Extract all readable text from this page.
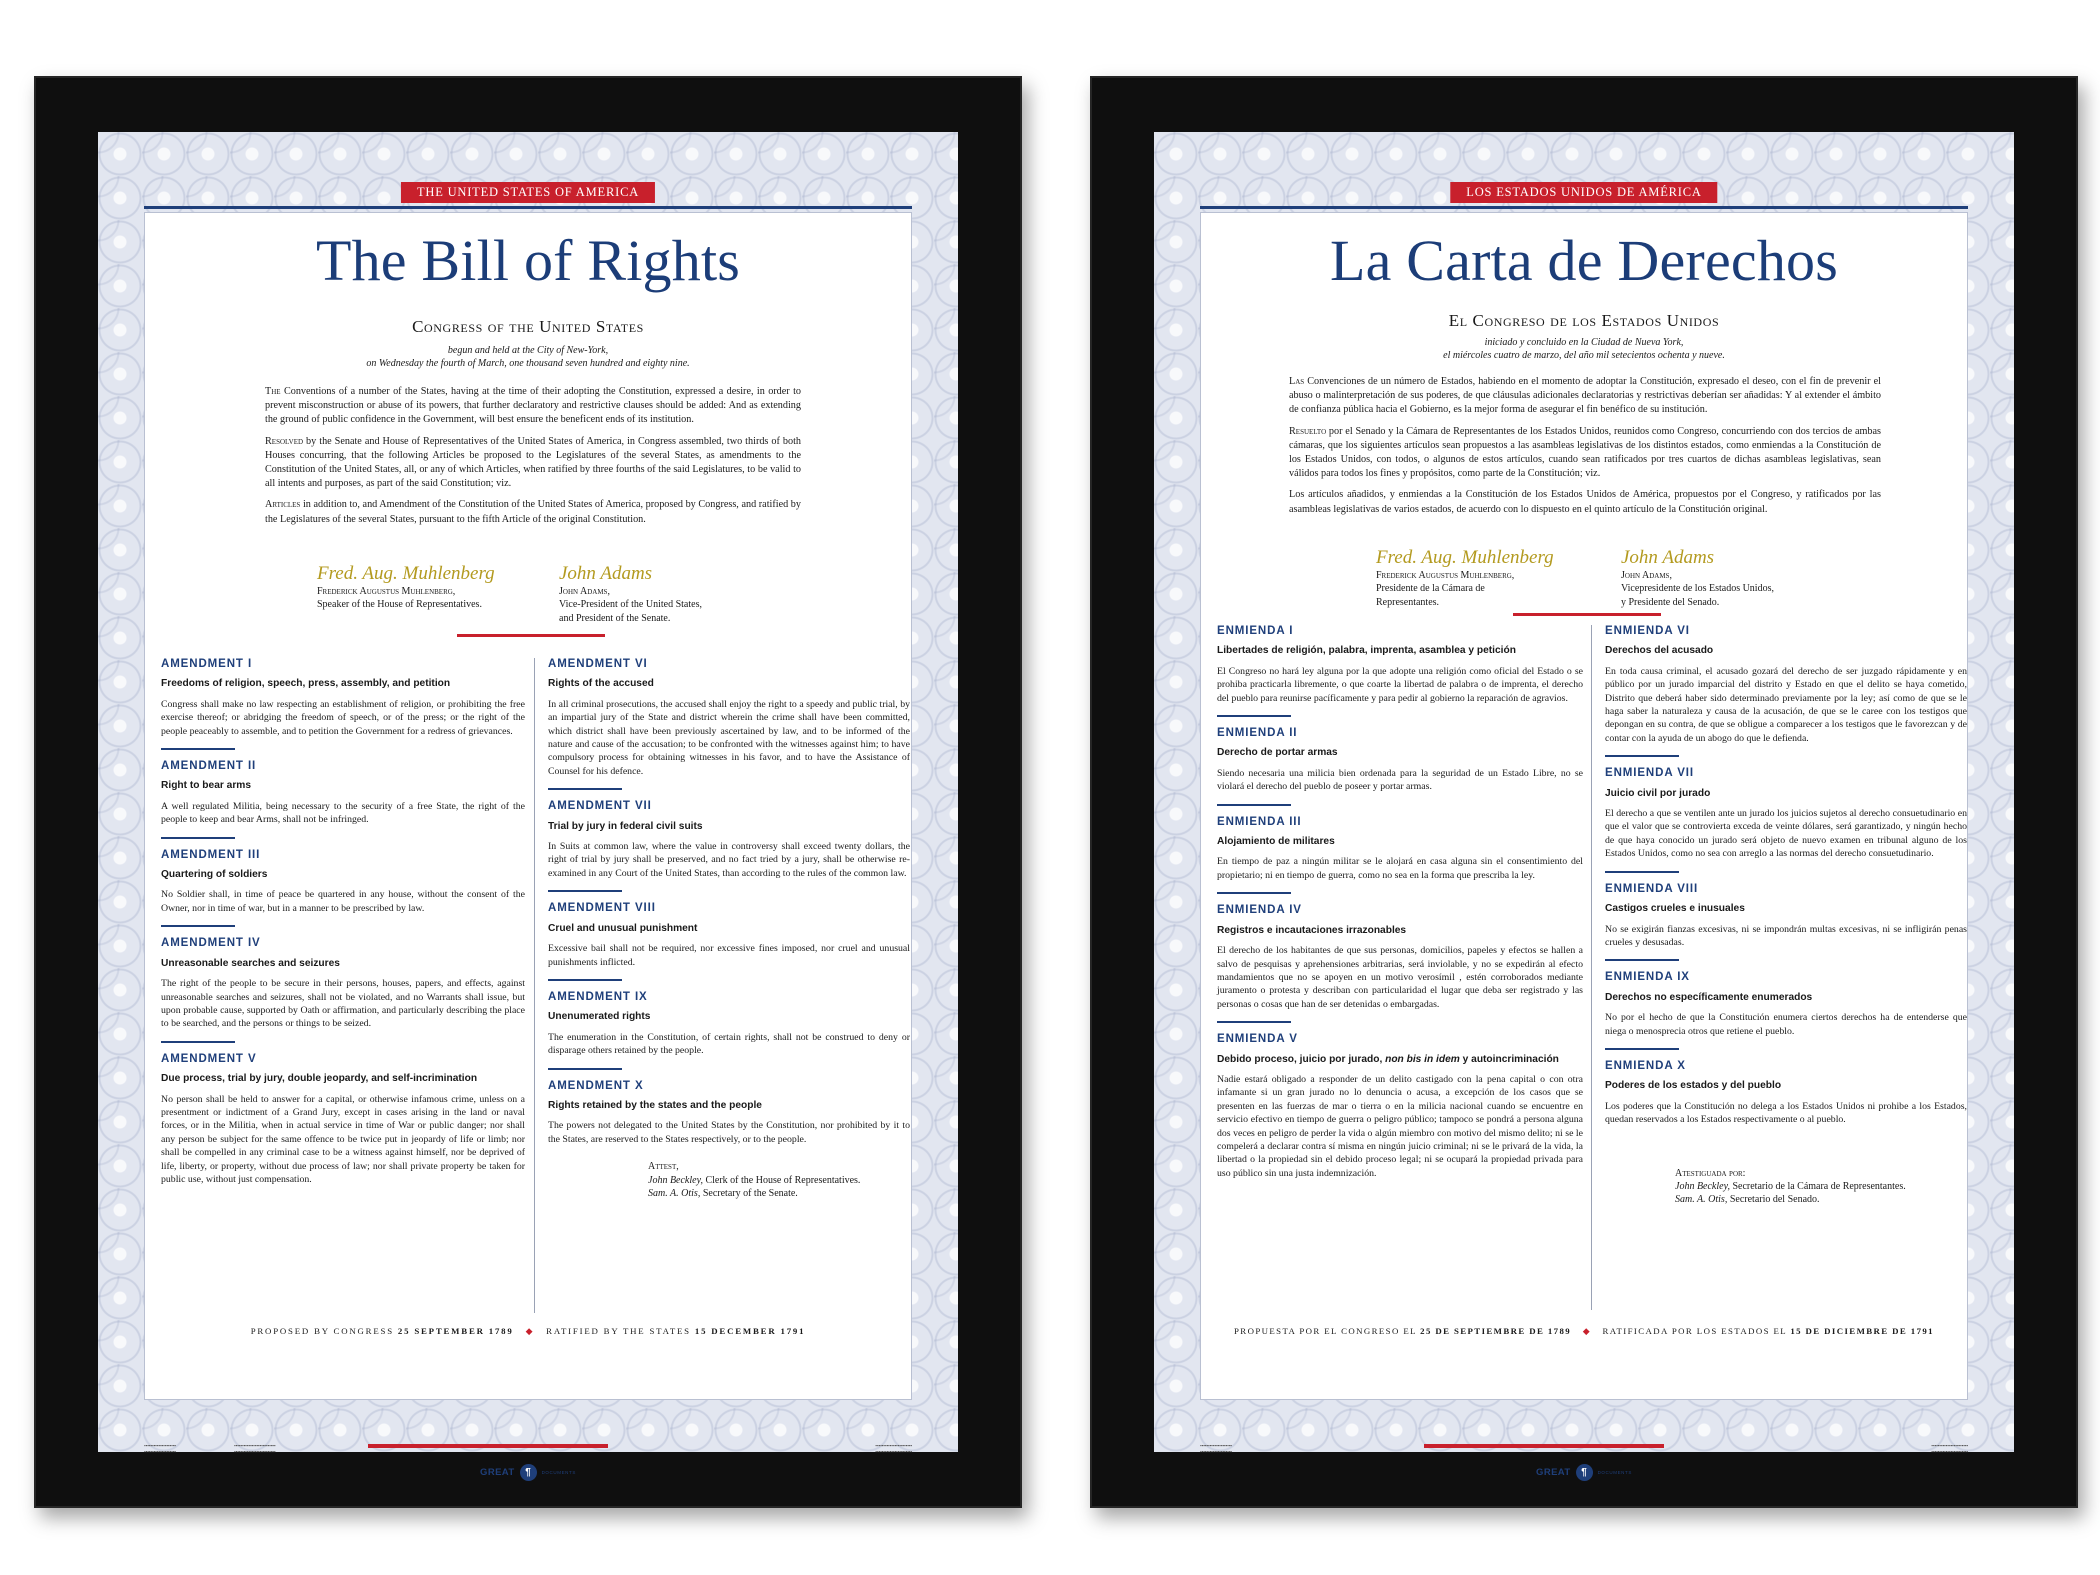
THE UNITED STATES OF AMERICA
The Bill of Rights
Congress of the United States
begun and held at the City of New-York,
on Wednesday the fourth of March, one thousand seven hundred and eighty nine.

The Conventions of a number of the States, having at the time of their adopting the Constitution, expressed a desire, in order to prevent misconstruction or abuse of its powers, that further declaratory and restrictive clauses should be added: And as extending the ground of public confidence in the Government, will best ensure the beneficent ends of its institution.

Resolved by the Senate and House of Representatives of the United States of America, in Congress assembled, two thirds of both Houses concurring, that the following Articles be proposed to the Legislatures of the several States, as amendments to the Constitution of the United States, all, or any of which Articles, when ratified by three fourths of the said Legislatures, to be valid to all intents and purposes, as part of the said Constitution; viz.

Articles in addition to, and Amendment of the Constitution of the United States of America, proposed by Congress, and ratified by the Legislatures of the several States, pursuant to the fifth Article of the original Constitution.

Fred. Aug. Muhlenberg
Frederick Augustus Muhlenberg,
Speaker of the House of Representatives.
John Adams
John Adams,
Vice-President of the United States,
and President of the Senate.
AMENDMENT I
Freedoms of religion, speech, press, assembly, and petition
Congress shall make no law respecting an establishment of religion, or prohibiting the free exercise thereof; or abridging the freedom of speech, or of the press; or the right of the people peaceably to assemble, and to petition the Government for a redress of grievances.
AMENDMENT II
Right to bear arms
A well regulated Militia, being necessary to the security of a free State, the right of the people to keep and bear Arms, shall not be infringed.
AMENDMENT III
Quartering of soldiers
No Soldier shall, in time of peace be quartered in any house, without the consent of the Owner, nor in time of war, but in a manner to be prescribed by law.
AMENDMENT IV
Unreasonable searches and seizures
The right of the people to be secure in their persons, houses, papers, and effects, against unreasonable searches and seizures, shall not be violated, and no Warrants shall issue, but upon probable cause, supported by Oath or affirmation, and particularly describing the place to be searched, and the persons or things to be seized.
AMENDMENT V
Due process, trial by jury, double jeopardy, and self-incrimination
No person shall be held to answer for a capital, or otherwise infamous crime, unless on a presentment or indictment of a Grand Jury, except in cases arising in the land or naval forces, or in the Militia, when in actual service in time of War or public danger; nor shall any person be subject for the same offence to be twice put in jeopardy of life or limb; nor shall be compelled in any criminal case to be a witness against himself, nor be deprived of life, liberty, or property, without due process of law; nor shall private property be taken for public use, without just compensation.
AMENDMENT VI
Rights of the accused
In all criminal prosecutions, the accused shall enjoy the right to a speedy and public trial, by an impartial jury of the State and district wherein the crime shall have been committed, which district shall have been previously ascertained by law, and to be informed of the nature and cause of the accusation; to be confronted with the witnesses against him; to have compulsory process for obtaining witnesses in his favor, and to have the Assistance of Counsel for his defence.
AMENDMENT VII
Trial by jury in federal civil suits
In Suits at common law, where the value in controversy shall exceed twenty dollars, the right of trial by jury shall be preserved, and no fact tried by a jury, shall be otherwise re-examined in any Court of the United States, than according to the rules of the common law.
AMENDMENT VIII
Cruel and unusual punishment
Excessive bail shall not be required, nor excessive fines imposed, nor cruel and unusual punishments inflicted.
AMENDMENT IX
Unenumerated rights
The enumeration in the Constitution, of certain rights, shall not be construed to deny or disparage others retained by the people.
AMENDMENT X
Rights retained by the states and the people
The powers not delegated to the United States by the Constitution, nor prohibited by it to the States, are reserved to the States respectively, or to the people.
Attest,
John Beckley, Clerk of the House of Representatives.
Sam. A. Otis, Secretary of the Senate.
PROPOSED BY CONGRESS 25 SEPTEMBER 1789 ◆ RATIFIED BY THE STATES 15 DECEMBER 1791
▪▪▪▪▪▪▪▪▪▪▪▪▪▪▪▪▪▪▪▪
▪▪▪▪▪▪▪▪▪▪▪▪▪▪▪▪▪▪▪▪
▪▪▪▪▪▪▪▪▪▪▪▪▪▪▪▪▪▪▪▪▪▪▪▪▪▪
▪▪▪▪▪▪▪▪▪▪▪▪▪▪▪▪▪▪▪▪▪▪▪▪▪▪
▪▪▪▪▪▪▪▪▪▪▪▪▪▪▪▪▪▪▪▪▪▪▪
▪▪▪▪▪▪▪▪▪▪▪▪▪▪▪▪▪▪▪▪▪▪▪
GREAT	¶	DOCUMENTS
LOS ESTADOS UNIDOS DE AMÉRICA
La Carta de Derechos
El Congreso de los Estados Unidos
iniciado y concluido en la Ciudad de Nueva York,
el miércoles cuatro de marzo, del año mil setecientos ochenta y nueve.

Las Convenciones de un número de Estados, habiendo en el momento de adoptar la Constitución, expresado el deseo, con el fin de prevenir el abuso o malinterpretación de sus poderes, de que cláusulas adicionales declaratorias y restrictivas deberían ser añadidas: Y al extender el ámbito de confianza pública hacia el Gobierno, es la mejor forma de asegurar el fin benéfico de su institución.

Resuelto por el Senado y la Cámara de Representantes de los Estados Unidos, reunidos como Congreso, concurriendo con dos tercios de ambas cámaras, que los siguientes artículos sean propuestos a las asambleas legislativas de los distintos estados, como enmiendas a la Constitución de los Estados Unidos, con todos, o algunos de estos artículos, cuando sean ratificados por tres cuartos de dichas asambleas legislativas, sean válidos para todos los fines y propósitos, como parte de la Constitución; viz.

Los artículos añadidos, y enmiendas a la Constitución de los Estados Unidos de América, propuestos por el Congreso, y ratificados por las asambleas legislativas de varios estados, de acuerdo con lo dispuesto en el quinto artículo de la Constitución original.

Fred. Aug. Muhlenberg
Frederick Augustus Muhlenberg,
Presidente de la Cámara de
Representantes.
John Adams
John Adams,
Vicepresidente de los Estados Unidos,
y Presidente del Senado.
ENMIENDA I
Libertades de religión, palabra, imprenta, asamblea y petición
El Congreso no hará ley alguna por la que adopte una religión como oficial del Estado o se prohiba practicarla libremente, o que coarte la libertad de palabra o de imprenta, el derecho del pueblo para reunirse pacíficamente y para pedir al gobierno la reparación de agravios.
ENMIENDA II
Derecho de portar armas
Siendo necesaria una milicia bien ordenada para la seguridad de un Estado Libre, no se violará el derecho del pueblo de poseer y portar armas.
ENMIENDA III
Alojamiento de militares
En tiempo de paz a ningún militar se le alojará en casa alguna sin el consentimiento del propietario; ni en tiempo de guerra, como no sea en la forma que prescriba la ley.
ENMIENDA IV
Registros e incautaciones irrazonables
El derecho de los habitantes de que sus personas, domicilios, papeles y efectos se hallen a salvo de pesquisas y aprehensiones arbitrarias, será inviolable, y no se expedirán al efecto mandamientos que no se apoyen en un motivo verosímil , estén corroborados mediante juramento o protesta y describan con particularidad el lugar que deba ser registrado y las personas o cosas que han de ser detenidas o embargadas.
ENMIENDA V
Debido proceso, juicio por jurado, non bis in idem y autoincriminación
Nadie estará obligado a responder de un delito castigado con la pena capital o con otra infamante si un gran jurado no lo denuncia o acusa, a excepción de los casos que se presenten en las fuerzas de mar o tierra o en la milicia nacional cuando se encuentre en servicio efectivo en tiempo de guerra o peligro público; tampoco se pondrá a persona alguna dos veces en peligro de perder la vida o algún miembro con motivo del mismo delito; ni se le compelerá a declarar contra sí misma en ningún juicio criminal; ni se le privará de la vida, la libertad o la propiedad sin el debido proceso legal; ni se ocupará la propiedad privada para uso público sin una justa indemnización.
ENMIENDA VI
Derechos del acusado
En toda causa criminal, el acusado gozará del derecho de ser juzgado rápidamente y en público por un jurado imparcial del distrito y Estado en que el delito se haya cometido, Distrito que deberá haber sido determinado previamente por la ley; así como de que se le haga saber la naturaleza y causa de la acusación, de que se le caree con los testigos que depongan en su contra, de que se obligue a comparecer a los testigos que le favorezcan y de contar con la ayuda de un abogo do que le defienda.
ENMIENDA VII
Juicio civil por jurado
El derecho a que se ventilen ante un jurado los juicios sujetos al derecho consuetudinario en que el valor que se controvierta exceda de veinte dólares, será garantizado, y ningún hecho de que haya conocido un jurado será objeto de nuevo examen en tribunal alguno de los Estados Unidos, como no sea con arreglo a las normas del derecho consuetudinario.
ENMIENDA VIII
Castigos crueles e inusuales
No se exigirán fianzas excesivas, ni se impondrán multas excesivas, ni se infligirán penas crueles y desusadas.
ENMIENDA IX
Derechos no específicamente enumerados
No por el hecho de que la Constitución enumera ciertos derechos ha de entenderse que niega o menosprecia otros que retiene el pueblo.
ENMIENDA X
Poderes de los estados y del pueblo
Los poderes que la Constitución no delega a los Estados Unidos ni prohibe a los Estados, quedan reservados a los Estados respectivamente o al pueblo.
Atestiguada por:
John Beckley, Secretario de la Cámara de Representantes.
Sam. A. Otis, Secretario del Senado.
PROPUESTA POR EL CONGRESO EL 25 DE SEPTIEMBRE DE 1789 ◆ RATIFICADA POR LOS ESTADOS EL 15 DE DICIEMBRE DE 1791
▪▪▪▪▪▪▪▪▪▪▪▪▪▪▪▪▪▪▪▪
▪▪▪▪▪▪▪▪▪▪▪▪▪▪▪▪▪▪▪▪
▪▪▪▪▪▪▪▪▪▪▪▪▪▪▪▪▪▪▪▪▪▪▪
▪▪▪▪▪▪▪▪▪▪▪▪▪▪▪▪▪▪▪▪▪▪▪
GREAT	¶	DOCUMENTS
